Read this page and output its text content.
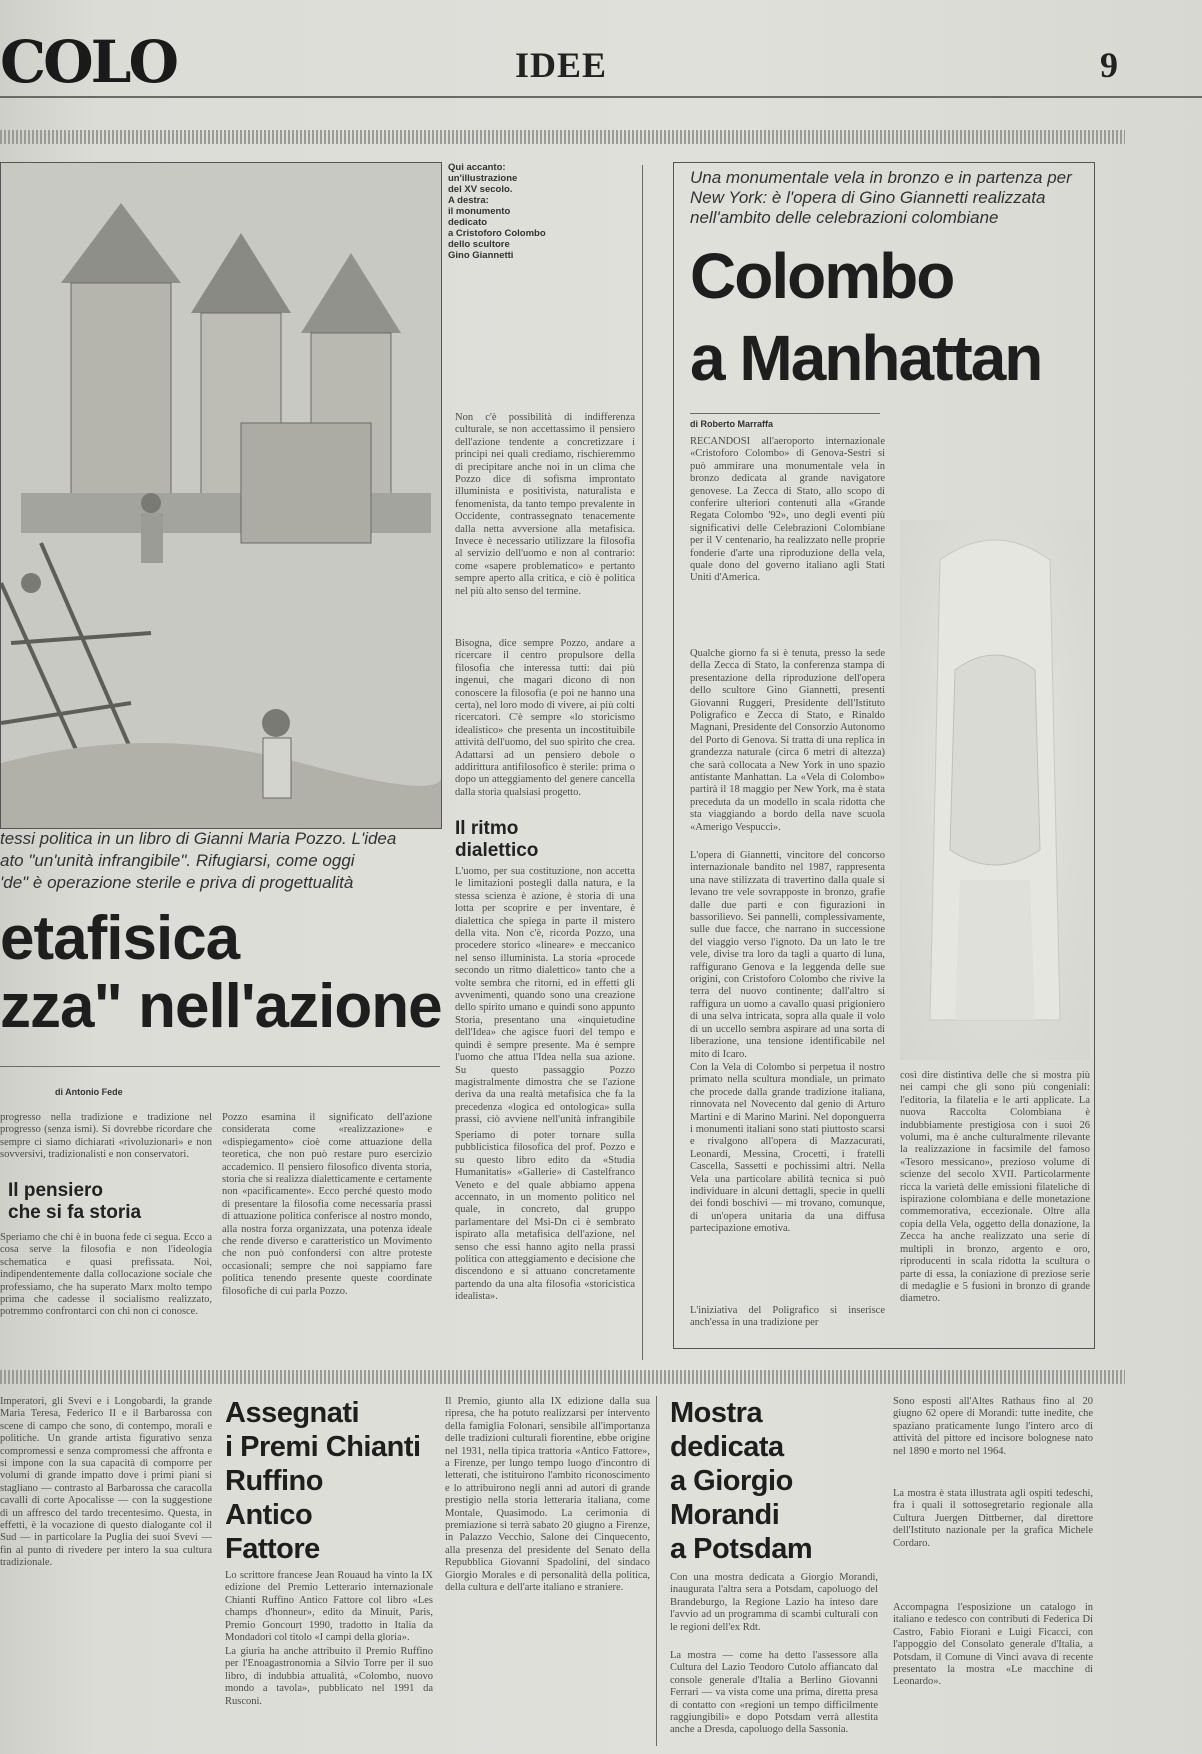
COLO	IDEE	9
Qui accanto:
un'illustrazione
del XV secolo.
A destra:
il monumento
dedicato
a Cristoforo Colombo
dello scultore
Gino Giannetti
tessi politica in un libro di Gianni Maria Pozzo. L'idea
ato "un'unità infrangibile". Rifugiarsi, come oggi
'de" è operazione sterile e priva di progettualità
etafisica
zza" nell'azione
di Antonio Fede
progresso nella tradizione e tradizione nel progresso (senza ismi). Si dovrebbe ricordare che sempre ci siamo dichiarati «rivoluzionari» e non sovversivi, tradizionalisti e non conservatori.
Il pensiero
che si fa storia
Speriamo che chi è in buona fede ci segua. Ecco a cosa serve la filosofia e non l'ideologia schematica e quasi prefissata. Noi, indipendentemente dalla collocazione sociale che professiamo, che ha superato Marx molto tempo prima che cadesse il socialismo realizzato, potremmo confrontarci con chi non ci conosce.
Pozzo esamina il significato dell'azione considerata come «realizzazione» e «dispiegamento» cioè come attuazione della teoretica, che non può restare puro esercizio accademico. Il pensiero filosofico diventa storia, storia che si realizza dialetticamente e certamente non «pacificamente». Ecco perché questo modo di presentare la filosofia come necessaria prassi di attuazione politica conferisce al nostro mondo, alla nostra forza organizzata, una potenza ideale che rende diverso e caratteristico un Movimento che non può confondersi con altre proteste occasionali; sempre che noi sappiamo fare politica tenendo presente queste coordinate filosofiche di cui parla Pozzo.
Non c'è possibilità di indifferenza culturale, se non accettassimo il pensiero dell'azione tendente a concretizzare i principi nei quali crediamo, rischieremmo di precipitare anche noi in un clima che Pozzo dice di sofisma improntato illuminista e positivista, naturalista e fenomenista, da tanto tempo prevalente in Occidente, contrassegnato tenacemente dalla netta avversione alla metafisica. Invece è necessario utilizzare la filosofia al servizio dell'uomo e non al contrario: come «sapere problematico» e pertanto sempre aperto alla critica, e ciò è politica nel più alto senso del termine.
Bisogna, dice sempre Pozzo, andare a ricercare il centro propulsore della filosofia che interessa tutti: dai più ingenui, che magari dicono di non conoscere la filosofia (e poi ne hanno una certa), nel loro modo di vivere, ai più colti ricercatori. C'è sempre «lo storicismo idealistico» che presenta un incostituibile attività dell'uomo, del suo spirito che crea. Adattarsi ad un pensiero debole o addirittura antifilosofico è sterile: prima o dopo un atteggiamento del genere cancella dalla storia qualsiasi progetto.
Il ritmo
dialettico
L'uomo, per sua costituzione, non accetta le limitazioni postegli dalla natura, e la stessa scienza è azione, è storia di una lotta per scoprire e per inventare, è dialettica che spiega in parte il mistero della vita. Non c'è, ricorda Pozzo, una procedere storico «lineare» e meccanico nel senso illuminista. La storia «procede secondo un ritmo dialettico» tanto che a volte sembra che ritorni, ed in effetti gli avvenimenti, quando sono una creazione dello spirito umano e quindi sono appunto Storia, presentano una «inquietudine dell'Idea» che agisce fuori del tempo e quindi è sempre presente. Ma è sempre l'uomo che attua l'Idea nella sua azione. Su questo passaggio Pozzo magistralmente dimostra che se l'azione deriva da una realtà metafisica che fa la precedenza «logica ed ontologica» sulla prassi, ciò avviene nell'unità infrangibile
Speriamo di poter tornare sulla pubblicistica filosofica del prof. Pozzo e su questo libro edito da «Studia Humanitatis» «Gallerie» di Castelfranco Veneto e del quale abbiamo appena accennato, in un momento politico nel quale, in concreto, dal gruppo parlamentare del Msi-Dn ci è sembrato ispirato alla metafisica dell'azione, nel senso che essi hanno agito nella prassi politica con atteggiamento e decisione che discendono e si attuano concretamente partendo da una alta filosofia «storicistica idealista».
Una monumentale vela in bronzo e in partenza per New York: è l'opera di Gino Giannetti realizzata nell'ambito delle celebrazioni colombiane
Colombo
a Manhattan
di Roberto Marraffa
RECANDOSI all'aeroporto internazionale «Cristoforo Colombo» di Genova-Sestri si può ammirare una monumentale vela in bronzo dedicata al grande navigatore genovese. La Zecca di Stato, allo scopo di conferire ulteriori contenuti alla «Grande Regata Colombo '92», uno degli eventi più significativi delle Celebrazioni Colombiane per il V centenario, ha realizzato nelle proprie fonderie d'arte una riproduzione della vela, quale dono del governo italiano agli Stati Uniti d'America.
Qualche giorno fa si è tenuta, presso la sede della Zecca di Stato, la conferenza stampa di presentazione della riproduzione dell'opera dello scultore Gino Giannetti, presenti Giovanni Ruggeri, Presidente dell'Istituto Poligrafico e Zecca di Stato, e Rinaldo Magnani, Presidente del Consorzio Autonomo del Porto di Genova. Si tratta di una replica in grandezza naturale (circa 6 metri di altezza) che sarà collocata a New York in uno spazio antistante Manhattan. La «Vela di Colombo» partirà il 18 maggio per New York, ma è stata preceduta da un modello in scala ridotta che sta viaggiando a bordo della nave scuola «Amerigo Vespucci».
L'opera di Giannetti, vincitore del concorso internazionale bandito nel 1987, rappresenta una nave stilizzata di travertino dalla quale si levano tre vele sovrapposte in bronzo, grafie dalle due parti e con figurazioni in bassorilievo. Sei pannelli, complessivamente, sulle due facce, che narrano in successione del viaggio verso l'ignoto. Da un lato le tre vele, divise tra loro da tagli a quarto di luna, raffigurano Genova e la leggenda delle sue origini, con Cristoforo Colombo che rivive la terra del nuovo continente; dall'altro si raffigura un uomo a cavallo quasi prigioniero di una selva intricata, sopra alla quale il volo di un uccello sembra aspirare ad una sorta di liberazione, una tensione identificabile nel mito di Icaro.
Con la Vela di Colombo si perpetua il nostro primato nella scultura mondiale, un primato che procede dalla grande tradizione italiana, rinnovata nel Novecento dal genio di Arturo Martini e di Marino Marini. Nel doponguerra i monumenti italiani sono stati piuttosto scarsi e rivalgono all'opera di Mazzacurati, Leonardi, Messina, Crocetti, i fratelli Cascella, Sassetti e pochissimi altri. Nella Vela una particolare abilità tecnica si può individuare in alcuni dettagli, specie in quelli dei fondi boschivi — mi trovano, comunque, di un'opera unitaria da una diffusa partecipazione emotiva.
L'iniziativa del Poligrafico si inserisce anch'essa in una tradizione per
così dire distintiva delle che si mostra più nei campi che gli sono più congeniali: l'editoria, la filatelia e le arti applicate. La nuova Raccolta Colombiana è indubbiamente prestigiosa con i suoi 26 volumi, ma è anche culturalmente rilevante la realizzazione in facsimile del famoso «Tesoro messicano», prezioso volume di scienze del secolo XVII. Particolarmente ricca la varietà delle emissioni filateliche di ispirazione colombiana e delle monetazione commemorativa, eccezionale. Oltre alla copia della Vela, oggetto della donazione, la Zecca ha anche realizzato una serie di multipli in bronzo, argento e oro, riproducenti in scala ridotta la scultura o parte di essa, la coniazione di preziose serie di medaglie e 5 fusioni in bronzo di grande diametro.
Imperatori, gli Svevi e i Longobardi, la grande Maria Teresa, Federico II e il Barbarossa con scene di campo che sono, di contempo, morali e politiche. Un grande artista figurativo senza compromessi e senza compromessi che affronta e si impone con la sua capacità di comporre per volumi di grande impatto dove i primi piani si stagliano — contrasto al Barbarossa che caracolla cavalli di corte Apocalisse — con la suggestione di un affresco del tardo trecentesimo. Questa, in effetti, è la vocazione di questo dialogante col il Sud — in particolare la Puglia dei suoi Svevi — fin al punto di rivedere per intero la sua cultura tradizionale.
Assegnati
i Premi Chianti
Ruffino
Antico
Fattore
Lo scrittore francese Jean Rouaud ha vinto la IX edizione del Premio Letterario internazionale Chianti Ruffino Antico Fattore col libro «Les champs d'honneur», edito da Minuit, Paris, Premio Goncourt 1990, tradotto in Italia da Mondadori col titolo «I campi della gloria».
La giuria ha anche attribuito il Premio Ruffino per l'Enoagastronomia a Silvio Torre per il suo libro, di indubbia attualità, «Colombo, nuovo mondo a tavola», pubblicato nel 1991 da Rusconi.
Il Premio, giunto alla IX edizione dalla sua ripresa, che ha potuto realizzarsi per intervento della famiglia Folonari, sensibile all'importanza delle tradizioni culturali fiorentine, ebbe origine nel 1931, nella tipica trattoria «Antico Fattore», a Firenze, per lungo tempo luogo d'incontro di letterati, che istituirono l'ambito riconoscimento e lo attribuirono negli anni ad autori di grande prestigio nella storia letteraria italiana, come Montale, Quasimodo. La cerimonia di premiazione si terrà sabato 20 giugno a Firenze, in Palazzo Vecchio, Salone dei Cinquecento, alla presenza del presidente del Senato della Repubblica Giovanni Spadolini, del sindaco Giorgio Morales e di personalità della politica, della cultura e dell'arte italiano e straniere.
Mostra
dedicata
a Giorgio
Morandi
a Potsdam
Con una mostra dedicata a Giorgio Morandi, inaugurata l'altra sera a Potsdam, capoluogo del Brandeburgo, la Regione Lazio ha inteso dare l'avvio ad un programma di scambi culturali con le regioni dell'ex Rdt.
La mostra — come ha detto l'assessore alla Cultura del Lazio Teodoro Cutolo affiancato dal console generale d'Italia a Berlino Giovanni Ferrari — va vista come una prima, diretta presa di contatto con «regioni un tempo difficilmente raggiungibili» e dopo Potsdam verrà allestita anche a Dresda, capoluogo della Sassonia.
Sono esposti all'Altes Rathaus fino al 20 giugno 62 opere di Morandi: tutte inedite, che spaziano praticamente lungo l'intero arco di attività del pittore ed incisore bolognese nato nel 1890 e morto nel 1964.
La mostra è stata illustrata agli ospiti tedeschi, fra i quali il sottosegretario regionale alla Cultura Juergen Dittberner, dal direttore dell'Istituto nazionale per la grafica Michele Cordaro.
Accompagna l'esposizione un catalogo in italiano e tedesco con contributi di Federica Di Castro, Fabio Fiorani e Luigi Ficacci, con l'appoggio del Consolato generale d'Italia, a Potsdam, il Comune di Vinci avava di recente presentato la mostra «Le macchine di Leonardo».
